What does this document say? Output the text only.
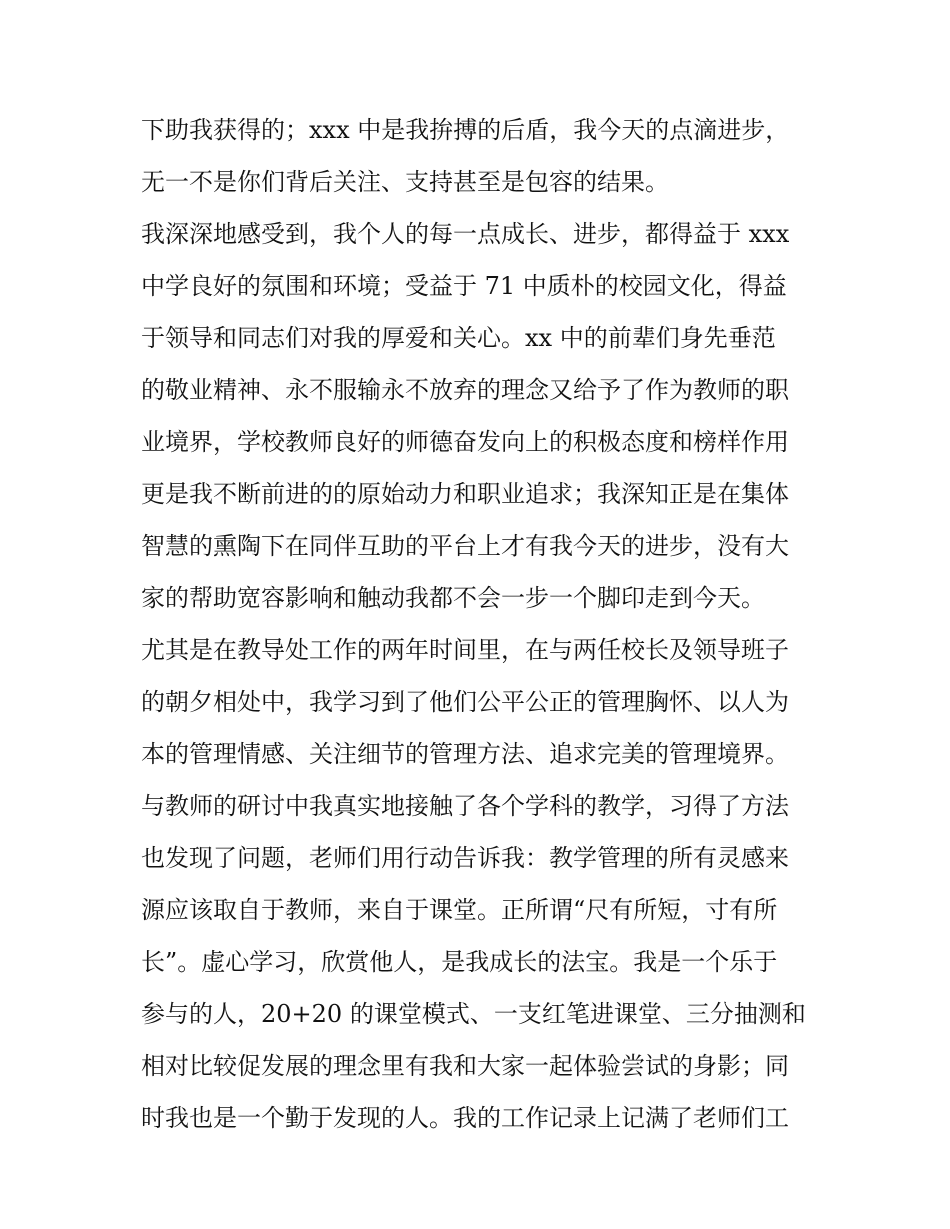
下助我获得的；xxx 中是我拚搏的后盾，我今天的点滴进步，
无一不是你们背后关注、支持甚至是包容的结果。
我深深地感受到，我个人的每一点成长、进步，都得益于 xxx
中学良好的氛围和环境；受益于 71 中质朴的校园文化，得益
于领导和同志们对我的厚爱和关心。xx 中的前辈们身先垂范
的敬业精神、永不服输永不放弃的理念又给予了作为教师的职
业境界，学校教师良好的师德奋发向上的积极态度和榜样作用
更是我不断前进的的原始动力和职业追求；我深知正是在集体
智慧的熏陶下在同伴互助的平台上才有我今天的进步，没有大
家的帮助宽容影响和触动我都不会一步一个脚印走到今天。
尤其是在教导处工作的两年时间里，在与两任校长及领导班子
的朝夕相处中，我学习到了他们公平公正的管理胸怀、以人为
本的管理情感、关注细节的管理方法、追求完美的管理境界。
与教师的研讨中我真实地接触了各个学科的教学，习得了方法
也发现了问题，老师们用行动告诉我：教学管理的所有灵感来
源应该取自于教师，来自于课堂。正所谓“尺有所短，寸有所
长”。虚心学习，欣赏他人，是我成长的法宝。我是一个乐于
参与的人，20+20 的课堂模式、一支红笔进课堂、三分抽测和
相对比较促发展的理念里有我和大家一起体验尝试的身影；同
时我也是一个勤于发现的人。我的工作记录上记满了老师们工
